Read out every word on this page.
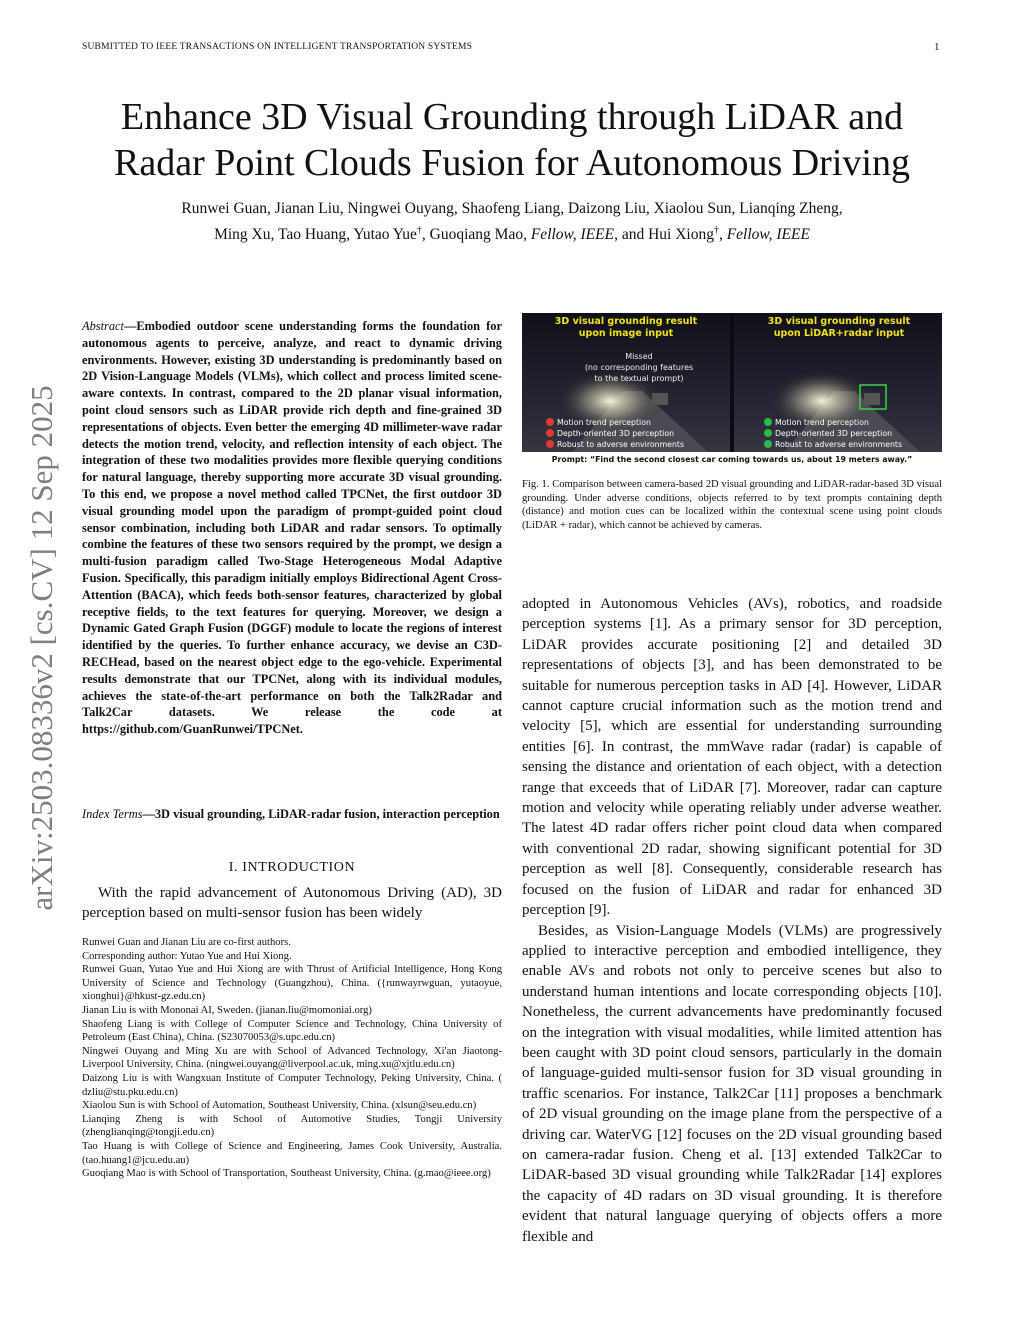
SUBMITTED TO IEEE TRANSACTIONS ON INTELLIGENT TRANSPORTATION SYSTEMS	1
Enhance 3D Visual Grounding through LiDAR and
Radar Point Clouds Fusion for Autonomous Driving
Runwei Guan, Jianan Liu, Ningwei Ouyang, Shaofeng Liang, Daizong Liu, Xiaolou Sun, Lianqing Zheng,
Ming Xu, Tao Huang, Yutao Yue†, Guoqiang Mao, Fellow, IEEE, and Hui Xiong†, Fellow, IEEE
arXiv:2503.08336v2 [cs.CV] 12 Sep 2025
Abstract—Embodied outdoor scene understanding forms the foundation for autonomous agents to perceive, analyze, and react to dynamic driving environments. However, existing 3D understanding is predominantly based on 2D Vision-Language Models (VLMs), which collect and process limited scene-aware contexts. In contrast, compared to the 2D planar visual information, point cloud sensors such as LiDAR provide rich depth and fine-grained 3D representations of objects. Even better the emerging 4D millimeter-wave radar detects the motion trend, velocity, and reflection intensity of each object. The integration of these two modalities provides more flexible querying conditions for natural language, thereby supporting more accurate 3D visual grounding. To this end, we propose a novel method called TPCNet, the first outdoor 3D visual grounding model upon the paradigm of prompt-guided point cloud sensor combination, including both LiDAR and radar sensors. To optimally combine the features of these two sensors required by the prompt, we design a multi-fusion paradigm called Two-Stage Heterogeneous Modal Adaptive Fusion. Specifically, this paradigm initially employs Bidirectional Agent Cross-Attention (BACA), which feeds both-sensor features, characterized by global receptive fields, to the text features for querying. Moreover, we design a Dynamic Gated Graph Fusion (DGGF) module to locate the regions of interest identified by the queries. To further enhance accuracy, we devise an C3D-RECHead, based on the nearest object edge to the ego-vehicle. Experimental results demonstrate that our TPCNet, along with its individual modules, achieves the state-of-the-art performance on both the Talk2Radar and Talk2Car datasets. We release the code at https://github.com/GuanRunwei/TPCNet.
Index Terms—3D visual grounding, LiDAR-radar fusion, interaction perception
I. INTRODUCTION

With the rapid advancement of Autonomous Driving (AD), 3D perception based on multi-sensor fusion has been widely

Runwei Guan and Jianan Liu are co-first authors.

Corresponding author: Yutao Yue and Hui Xiong.

Runwei Guan, Yutao Yue and Hui Xiong are with Thrust of Artificial Intelligence, Hong Kong University of Science and Technology (Guangzhou), China. ({runwayrwguan, yutaoyue, xionghui}@hkust-gz.edu.cn)

Jianan Liu is with Mononai AI, Sweden. (jianan.liu@momoniai.org)

Shaofeng Liang is with College of Computer Science and Technology, China University of Petroleum (East China), China. (S23070053@s.upc.edu.cn)

Ningwei Ouyang and Ming Xu are with School of Advanced Technology, Xi'an Jiaotong-Liverpool University, China. (ningwei.ouyang@liverpool.ac.uk, ming.xu@xjtlu.edu.cn)

Daizong Liu is with Wangxuan Institute of Computer Technology, Peking University, China. ( dzliu@stu.pku.edu.cn)

Xiaolou Sun is with School of Automation, Southeast University, China. (xlsun@seu.edu.cn)

Lianqing Zheng is with School of Automotive Studies, Tongji University (zhenglianqing@tongji.edu.cn)

Tao Huang is with College of Science and Engineering, James Cook University, Australia. (tao.huang1@jcu.edu.au)

Guoqiang Mao is with School of Transportation, Southeast University, China. (g.mao@ieee.org)

3D visual grounding result
upon image input
Missed
(no corresponding features
to the textual prompt)
3D visual grounding result
upon LiDAR+radar input
Motion trend perception
Depth-oriented 3D perception
Robust to adverse environments
Motion trend perception
Depth-oriented 3D perception
Robust to adverse environments
Prompt: “Find the second closest car coming towards us, about 19 meters away.”
Fig. 1. Comparison between camera-based 2D visual grounding and LiDAR-radar-based 3D visual grounding. Under adverse conditions, objects referred to by text prompts containing depth (distance) and motion cues can be localized within the contextual scene using point clouds (LiDAR + radar), which cannot be achieved by cameras.

adopted in Autonomous Vehicles (AVs), robotics, and roadside perception systems [1]. As a primary sensor for 3D perception, LiDAR provides accurate positioning [2] and detailed 3D representations of objects [3], and has been demonstrated to be suitable for numerous perception tasks in AD [4]. However, LiDAR cannot capture crucial information such as the motion trend and velocity [5], which are essential for understanding surrounding entities [6]. In contrast, the mmWave radar (radar) is capable of sensing the distance and orientation of each object, with a detection range that exceeds that of LiDAR [7]. Moreover, radar can capture motion and velocity while operating reliably under adverse weather. The latest 4D radar offers richer point cloud data when compared with conventional 2D radar, showing significant potential for 3D perception as well [8]. Consequently, considerable research has focused on the fusion of LiDAR and radar for enhanced 3D perception [9].

Besides, as Vision-Language Models (VLMs) are progressively applied to interactive perception and embodied intelligence, they enable AVs and robots not only to perceive scenes but also to understand human intentions and locate corresponding objects [10]. Nonetheless, the current advancements have predominantly focused on the integration with visual modalities, while limited attention has been caught with 3D point cloud sensors, particularly in the domain of language-guided multi-sensor fusion for 3D visual grounding in traffic scenarios. For instance, Talk2Car [11] proposes a benchmark of 2D visual grounding on the image plane from the perspective of a driving car. WaterVG [12] focuses on the 2D visual grounding based on camera-radar fusion. Cheng et al. [13] extended Talk2Car to LiDAR-based 3D visual grounding while Talk2Radar [14] explores the capacity of 4D radars on 3D visual grounding. It is therefore evident that natural language querying of objects offers a more flexible and
